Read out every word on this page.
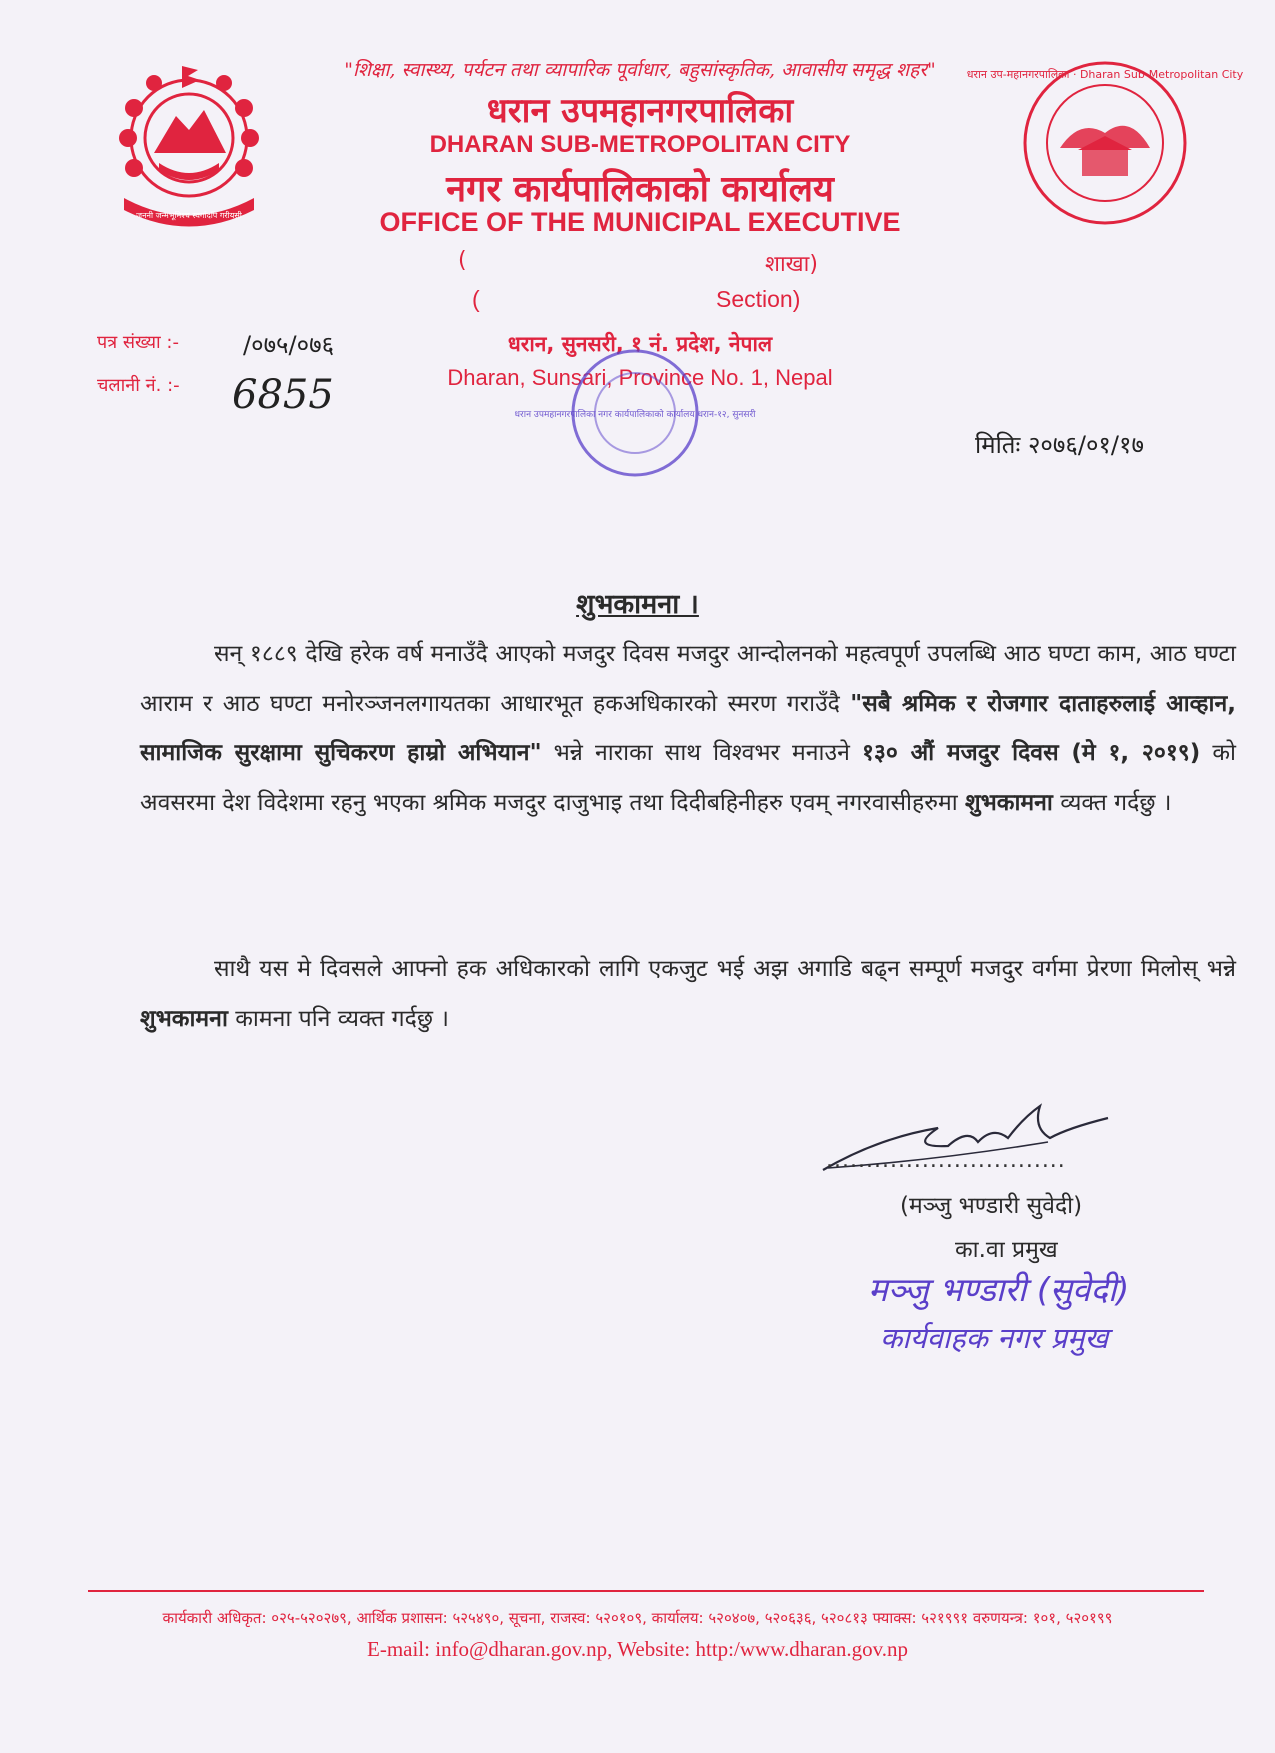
जननी जन्मभूमिश्च स्वर्गादपि गरीयसी
धरान उप-महानगरपालिका · Dharan Sub-Metropolitan City
"शिक्षा, स्वास्थ्य, पर्यटन तथा व्यापारिक पूर्वाधार, बहुसांस्कृतिक, आवासीय समृद्ध शहर"
धरान उपमहानगरपालिका
DHARAN SUB-METROPOLITAN CITY
नगर कार्यपालिकाको कार्यालय
OFFICE OF THE MUNICIPAL EXECUTIVE
(	शाखा)
(	Section)
धरान, सुनसरी, १ नं. प्रदेश, नेपाल
Dharan, Sunsari, Province No. 1, Nepal
पत्र संख्या :-	/०७५/०७६
चलानी नं. :- 6855	धरान उपमहानगरपालिका नगर कार्यपालिकाको कार्यालय धरान-१२, सुनसरी
मितिः २०७६/०१/१७
शुभकामना ।

सन् १८८९ देखि हरेक वर्ष मनाउँदै आएको मजदुर दिवस मजदुर आन्दोलनको महत्वपूर्ण उपलब्धि आठ घण्टा काम, आठ घण्टा आराम र आठ घण्टा मनोरञ्जनलगायतका आधारभूत हकअधिकारको स्मरण गराउँदै "सबै श्रमिक र रोजगार दाताहरुलाई आव्हान, सामाजिक सुरक्षामा सुचिकरण हाम्रो अभियान" भन्ने नाराका साथ विश्वभर मनाउने १३० औं मजदुर दिवस (मे १, २०१९) को अवसरमा देश विदेशमा रहनु भएका श्रमिक मजदुर दाजुभाइ तथा दिदीबहिनीहरु एवम् नगरवासीहरुमा शुभकामना व्यक्त गर्दछु ।

साथै यस मे दिवसले आफ्नो हक अधिकारको लागि एकजुट भई अझ अगाडि बढ्न सम्पूर्ण मजदुर वर्गमा प्रेरणा मिलोस् भन्ने शुभकामना कामना पनि व्यक्त गर्दछु ।

..............................
(मञ्जु भण्डारी सुवेदी)
का.वा प्रमुख
मञ्जु भण्डारी (सुवेदी)
कार्यवाहक नगर प्रमुख
कार्यकारी अधिकृत: ०२५-५२०२७९, आर्थिक प्रशासन: ५२५४९०, सूचना, राजस्व: ५२०१०९, कार्यालय: ५२०४०७, ५२०६३६, ५२०८१३ फ्याक्स: ५२१९९१ वरुणयन्त्र: १०१, ५२०१९९
E-mail: info@dharan.gov.np, Website: http:/www.dharan.gov.np
